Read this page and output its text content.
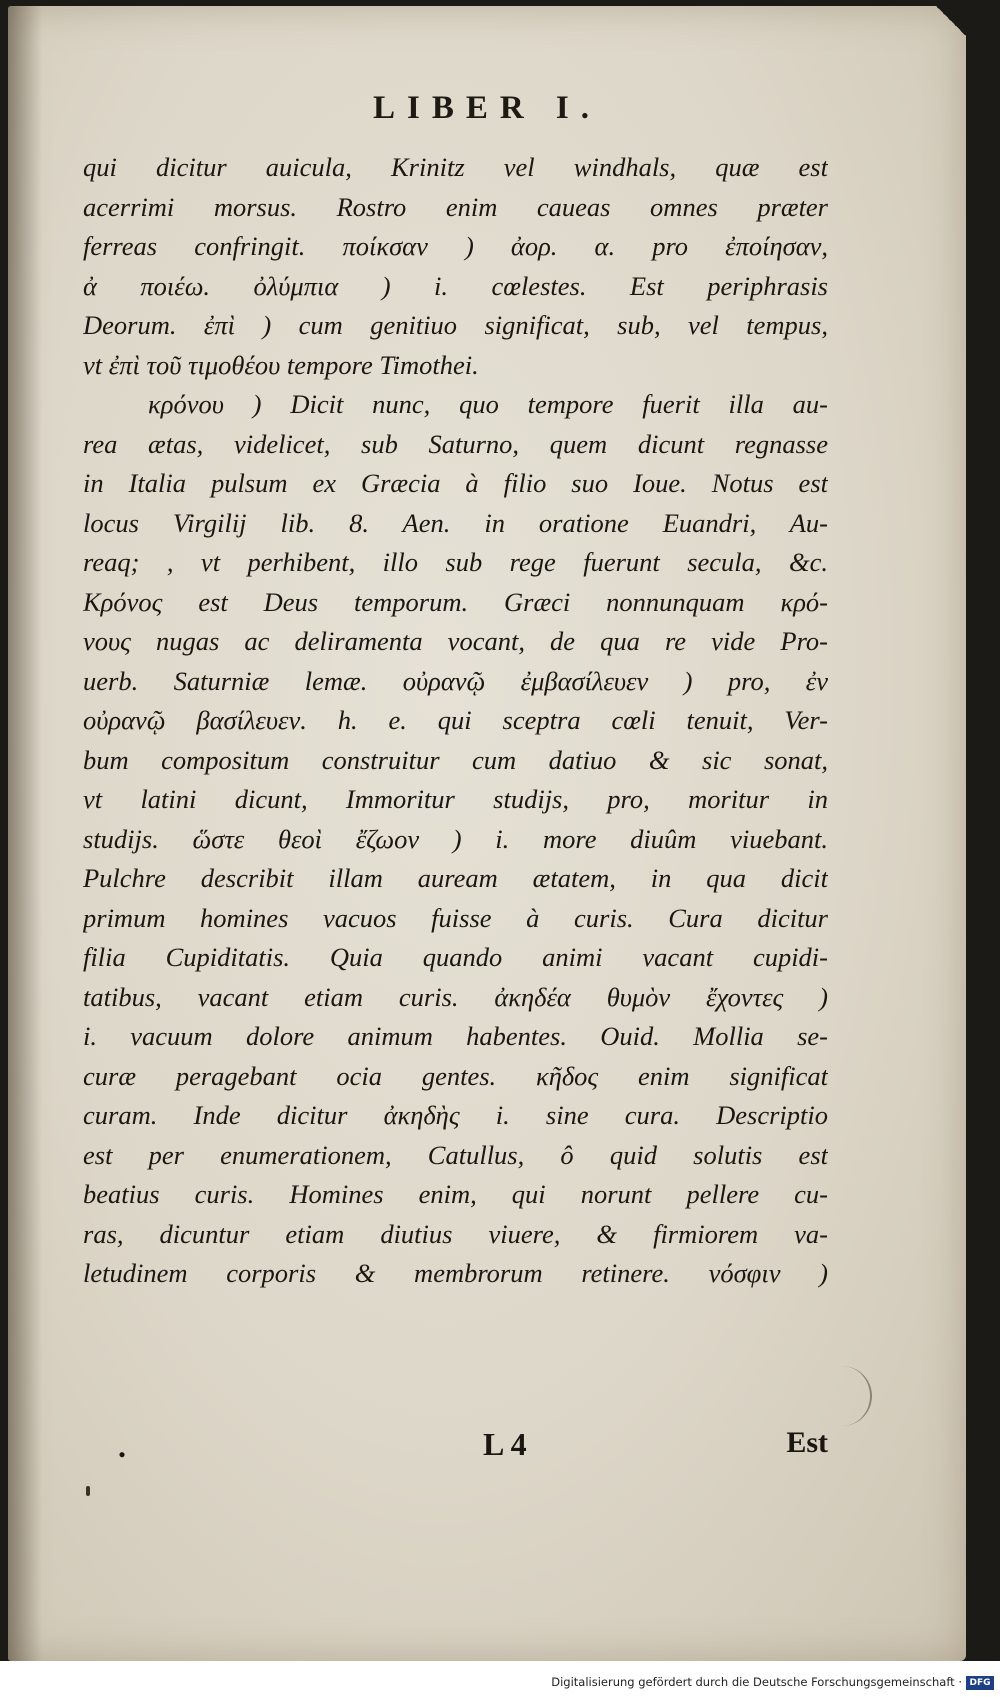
LIBER I.
qui dicitur auicula, Krinitz vel windhals, quæ est
acerrimi morsus. Rostro enim caueas omnes præter
ferreas confringit. ποίκσαν ) ἀορ. α. pro ἐποίησαν,
ἀ ποιέω. ὀλύμπια ) i. cœlestes. Est periphrasis
Deorum. ἐπὶ ) cum genitiuo significat, sub, vel tempus,
vt ἐπὶ τοῦ τιμοθέου tempore Timothei.
κρόνου ) Dicit nunc, quo tempore fuerit illa au-
rea ætas, videlicet, sub Saturno, quem dicunt regnasse
in Italia pulsum ex Græcia à filio suo Ioue. Notus est
locus Virgilij lib. 8. Aen. in oratione Euandri, Au-
reaq; , vt perhibent, illo sub rege fuerunt secula, &c.
Κρόνος est Deus temporum. Græci nonnunquam κρό-
νους nugas ac deliramenta vocant, de qua re vide Pro-
uerb. Saturniæ lemæ. οὐρανῷ ἐμβασίλευεν ) pro, ἐν
οὐρανῷ βασίλευεν. h. e. qui sceptra cœli tenuit, Ver-
bum compositum construitur cum datiuo & sic sonat,
vt latini dicunt, Immoritur studijs, pro, moritur in
studijs. ὥστε θεοὶ ἔζωον ) i. more diuûm viuebant.
Pulchre describit illam auream ætatem, in qua dicit
primum homines vacuos fuisse à curis. Cura dicitur
filia Cupiditatis. Quia quando animi vacant cupidi-
tatibus, vacant etiam curis. ἀκηδέα θυμὸν ἔχοντες )
i. vacuum dolore animum habentes. Ouid. Mollia se-
curæ peragebant ocia gentes. κῆδος enim significat
curam. Inde dicitur ἀκηδὴς i. sine cura. Descriptio
est per enumerationem, Catullus, ô quid solutis est
beatius curis. Homines enim, qui norunt pellere cu-
ras, dicuntur etiam diutius viuere, & firmiorem va-
letudinem corporis & membrorum retinere. νόσφιν )
.	L 4	Est
Digitalisierung gefördert durch die Deutsche Forschungsgemeinschaft · DFG
